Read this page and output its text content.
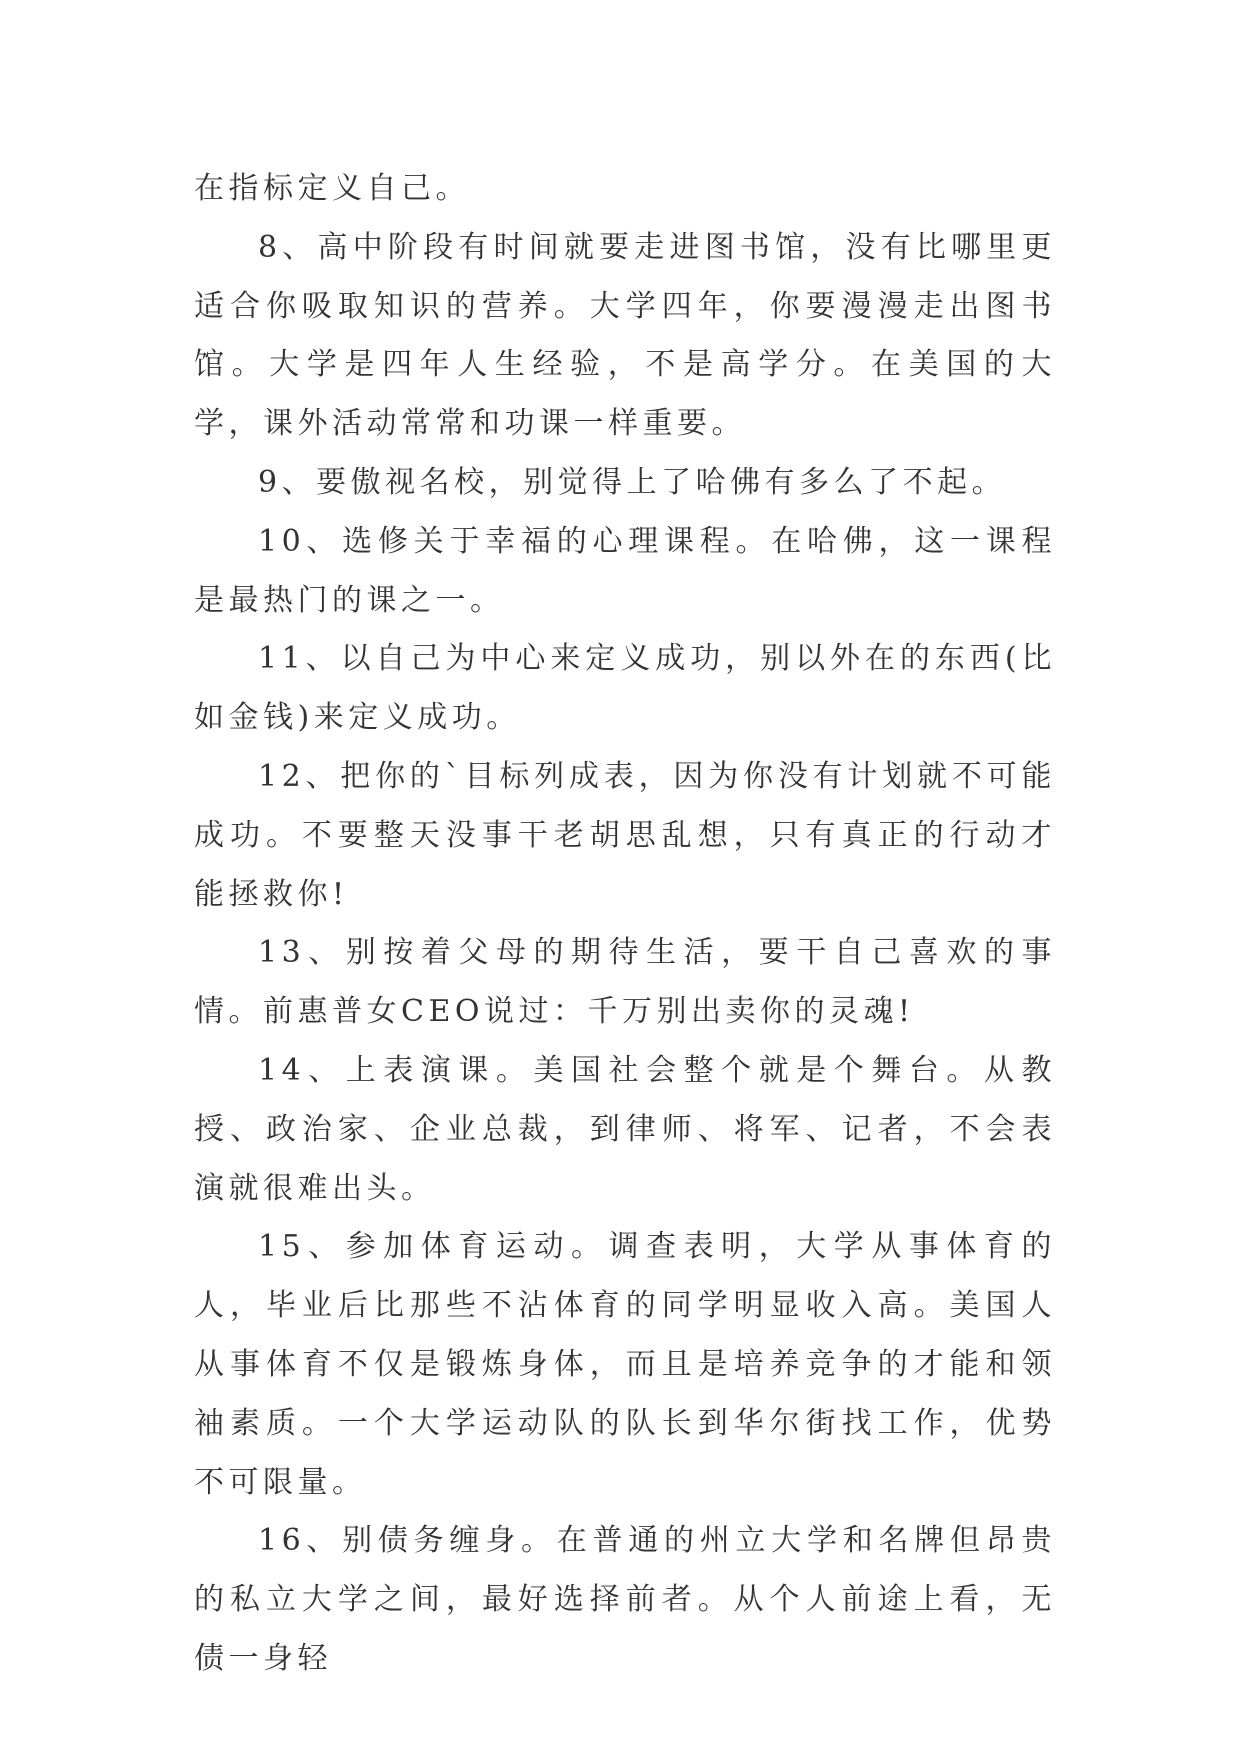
在指标定义自己。

8、高中阶段有时间就要走进图书馆，没有比哪里更适合你吸取知识的营养。大学四年，你要漫漫走出图书馆。大学是四年人生经验，不是高学分。在美国的大学，课外活动常常和功课一样重要。

9、要傲视名校，别觉得上了哈佛有多么了不起。

10、选修关于幸福的心理课程。在哈佛，这一课程是最热门的课之一。

11、以自己为中心来定义成功，别以外在的东西(比如金钱)来定义成功。

12、把你的`目标列成表，因为你没有计划就不可能成功。不要整天没事干老胡思乱想，只有真正的行动才能拯救你!

13、别按着父母的期待生活，要干自己喜欢的事情。前惠普女CEO说过：千万别出卖你的灵魂!

14、上表演课。美国社会整个就是个舞台。从教授、政治家、企业总裁，到律师、将军、记者，不会表演就很难出头。

15、参加体育运动。调查表明，大学从事体育的人，毕业后比那些不沾体育的同学明显收入高。美国人从事体育不仅是锻炼身体，而且是培养竞争的才能和领袖素质。一个大学运动队的队长到华尔街找工作，优势不可限量。

16、别债务缠身。在普通的州立大学和名牌但昂贵的私立大学之间，最好选择前者。从个人前途上看，无债一身轻
